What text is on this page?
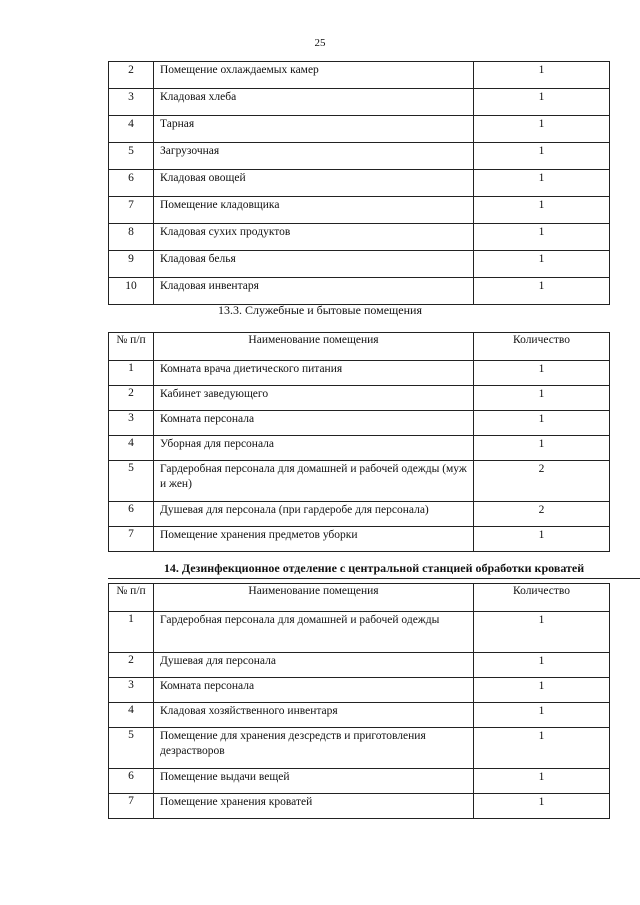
25
2	Помещение охлаждаемых камер	1
3	Кладовая хлеба	1
4	Тарная	1
5	Загрузочная	1
6	Кладовая овощей	1
7	Помещение кладовщика	1
8	Кладовая сухих продуктов	1
9	Кладовая белья	1
10	Кладовая инвентаря	1
13.3. Служебные и бытовые помещения
№ п/п	Наименование помещения	Количество
1	Комната врача диетического питания	1
2	Кабинет заведующего	1
3	Комната персонала	1
4	Уборная для персонала	1
5	Гардеробная персонала для домашней и рабочей одежды (муж и жен)	2
6	Душевая для персонала (при гардеробе для персонала)	2
7	Помещение хранения предметов уборки	1
14. Дезинфекционное отделение с центральной станцией обработки кроватей
№ п/п	Наименование помещения	Количество
1	Гардеробная персонала для домашней и рабочей одежды	1
2	Душевая для персонала	1
3	Комната персонала	1
4	Кладовая хозяйственного инвентаря	1
5	Помещение для хранения дезсредств и приготовления дезрастворов	1
6	Помещение выдачи вещей	1
7	Помещение хранения кроватей	1
